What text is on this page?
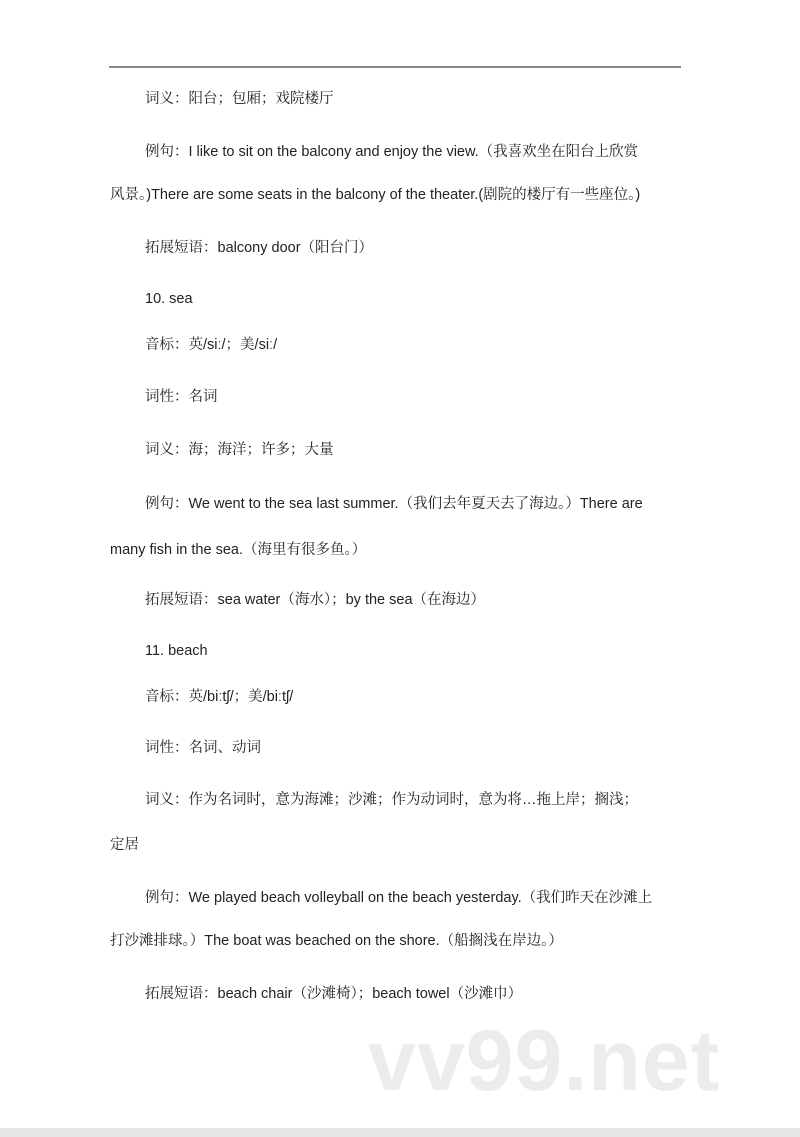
词义：阳台；包厢；戏院楼厅
例句：I like to sit on the balcony and enjoy the view.（我喜欢坐在阳台上欣赏
风景。)There are some seats in the balcony of the theater.(剧院的楼厅有一些座位。)
拓展短语：balcony door（阳台门）
10. sea
音标：英/siː/；美/siː/
词性：名词
词义：海；海洋；许多；大量
例句：We went to the sea last summer.（我们去年夏天去了海边。）There are
many fish in the sea.（海里有很多鱼。）
拓展短语：sea water（海水）；by the sea（在海边）
11. beach
音标：英/biːtʃ/；美/biːtʃ/
词性：名词、动词
词义：作为名词时，意为海滩；沙滩；作为动词时，意为将…拖上岸；搁浅；
定居
例句：We played beach volleyball on the beach yesterday.（我们昨天在沙滩上
打沙滩排球。）The boat was beached on the shore.（船搁浅在岸边。）
拓展短语：beach chair（沙滩椅）；beach towel（沙滩巾）
vv99.net
